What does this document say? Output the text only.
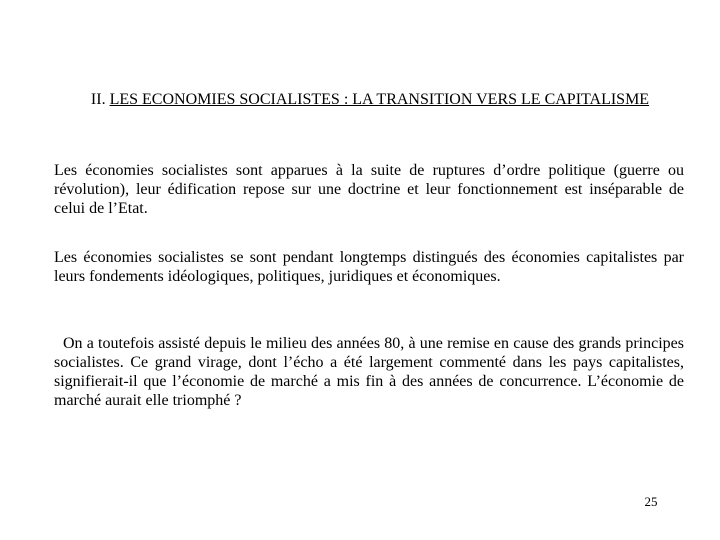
II. LES ECONOMIES SOCIALISTES : LA TRANSITION VERS LE CAPITALISME

Les économies socialistes sont apparues à la suite de ruptures d’ordre politique (guerre ou révolution), leur édification repose sur une doctrine et leur fonctionnement est inséparable de celui de l’Etat.

Les économies socialistes se sont pendant longtemps distingués des économies capitalistes par leurs fondements idéologiques, politiques, juridiques et économiques.

On a toutefois assisté depuis le milieu des années 80, à une remise en cause des grands principes socialistes. Ce grand virage, dont l’écho a été largement commenté dans les pays capitalistes, signifierait-il que l’économie de marché a mis fin à des années de concurrence. L’économie de marché aurait elle triomphé ?

25
